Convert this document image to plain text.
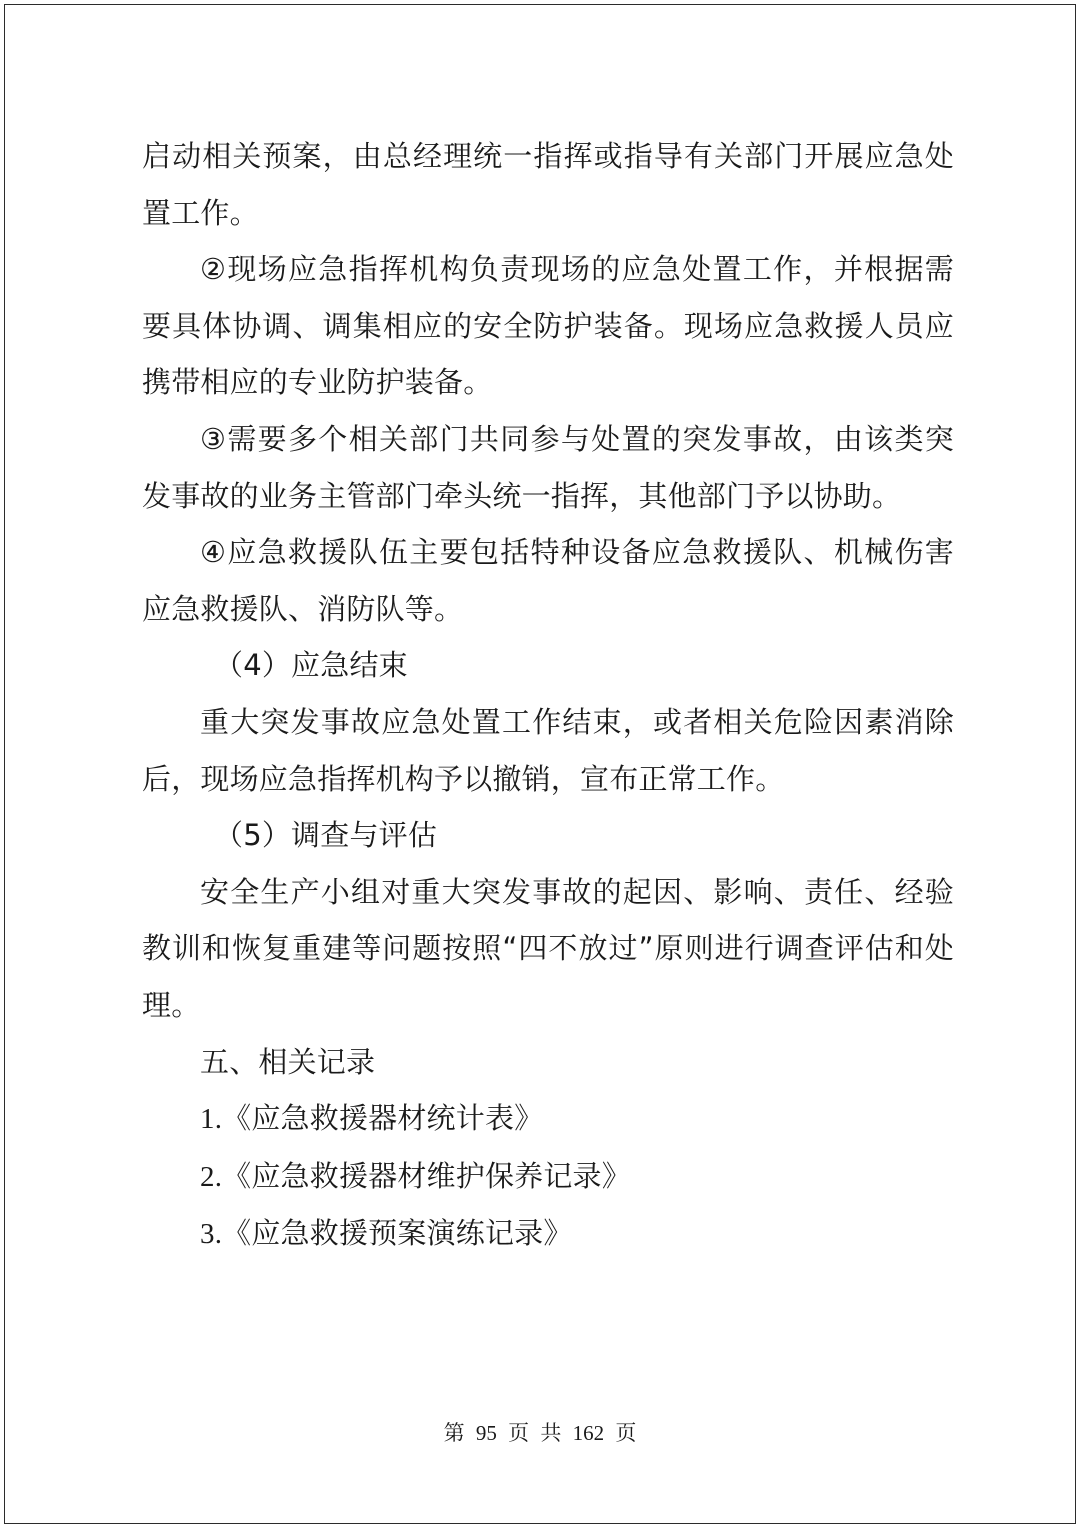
启动相关预案，由总经理统一指挥或指导有关部门开展应急处置工作。

②现场应急指挥机构负责现场的应急处置工作，并根据需要具体协调、调集相应的安全防护装备。现场应急救援人员应携带相应的专业防护装备。

③需要多个相关部门共同参与处置的突发事故，由该类突发事故的业务主管部门牵头统一指挥，其他部门予以协助。

④应急救援队伍主要包括特种设备应急救援队、机械伤害应急救援队、消防队等。

（4）应急结束

重大突发事故应急处置工作结束，或者相关危险因素消除后，现场应急指挥机构予以撤销，宣布正常工作。

（5）调查与评估

安全生产小组对重大突发事故的起因、影响、责任、经验教训和恢复重建等问题按照“四不放过”原则进行调查评估和处理。

五、相关记录

1.《应急救援器材统计表》

2.《应急救援器材维护保养记录》

3.《应急救援预案演练记录》

第 95 页 共 162 页
